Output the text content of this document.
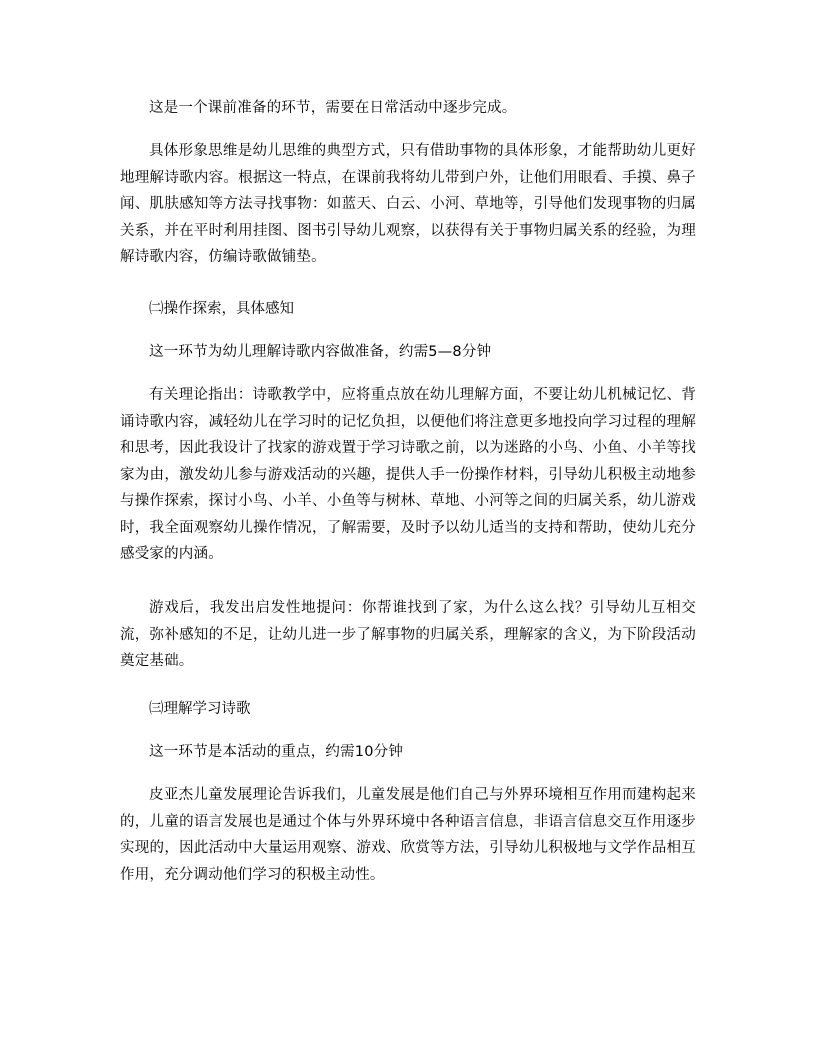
这是一个课前准备的环节，需要在日常活动中逐步完成。

具体形象思维是幼儿思维的典型方式，只有借助事物的具体形象，才能帮助幼儿更好地理解诗歌内容。根据这一特点，在课前我将幼儿带到户外，让他们用眼看、手摸、鼻子闻、肌肤感知等方法寻找事物：如蓝天、白云、小河、草地等，引导他们发现事物的归属关系，并在平时利用挂图、图书引导幼儿观察，以获得有关于事物归属关系的经验，为理解诗歌内容，仿编诗歌做铺垫。

㈡操作探索，具体感知

这一环节为幼儿理解诗歌内容做准备，约需5—8分钟

有关理论指出：诗歌教学中，应将重点放在幼儿理解方面，不要让幼儿机械记忆、背诵诗歌内容，减轻幼儿在学习时的记忆负担，以便他们将注意更多地投向学习过程的理解和思考，因此我设计了找家的游戏置于学习诗歌之前，以为迷路的小鸟、小鱼、小羊等找家为由，激发幼儿参与游戏活动的兴趣，提供人手一份操作材料，引导幼儿积极主动地参与操作探索，探讨小鸟、小羊、小鱼等与树林、草地、小河等之间的归属关系，幼儿游戏时，我全面观察幼儿操作情况，了解需要，及时予以幼儿适当的支持和帮助，使幼儿充分感受家的内涵。

游戏后，我发出启发性地提问：你帮谁找到了家，为什么这么找？引导幼儿互相交流，弥补感知的不足，让幼儿进一步了解事物的归属关系，理解家的含义，为下阶段活动奠定基础。

㈢理解学习诗歌

这一环节是本活动的重点，约需10分钟

皮亚杰儿童发展理论告诉我们，儿童发展是他们自己与外界环境相互作用而建构起来的，儿童的语言发展也是通过个体与外界环境中各种语言信息，非语言信息交互作用逐步实现的，因此活动中大量运用观察、游戏、欣赏等方法，引导幼儿积极地与文学作品相互作用，充分调动他们学习的积极主动性。
